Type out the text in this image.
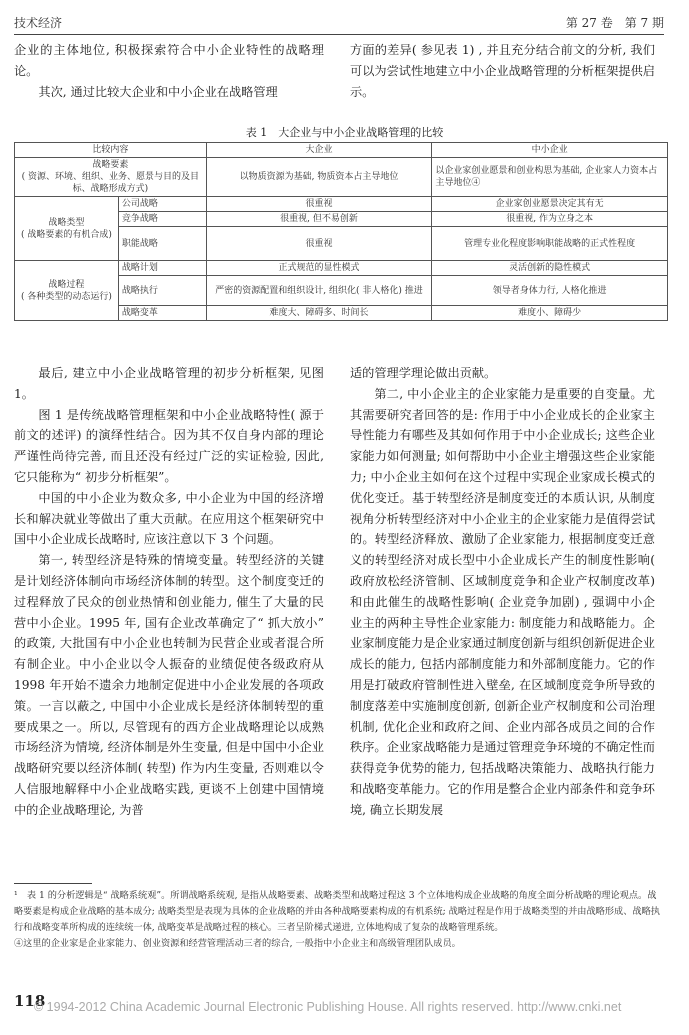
技术经济	第 27 卷　第 7 期

企业的主体地位, 积极探索符合中小企业特性的战略理论。

其次, 通过比较大企业和中小企业在战略管理

方面的差异( 参见表 1) , 并且充分结合前文的分析, 我们可以为尝试性地建立中小企业战略管理的分析框架提供启示。

表 1　大企业与中小企业战略管理的比较
比较内容		大企业	中小企业
战略要素
( 资源、环境、组织、业务、愿景与目的及目标、战略形成方式)		以物质资源为基础, 物质资本占主导地位	以企业家创业愿景和创业构思为基础, 企业家人力资本占主导地位④
战略类型
( 战略要素的有机合成)	公司战略	很重视	企业家创业愿景决定其有无
	竞争战略	很重视, 但不易创新	很重视, 作为立身之本
	职能战略	很重视	管理专业化程度影响职能战略的正式性程度
战略过程
( 各种类型的动态运行)	战略计划	正式规范的显性模式	灵活创新的隐性模式
	战略执行	严密的资源配置和组织设计, 组织化( 非人格化) 推进	领导者身体力行, 人格化推进
	战略变革	难度大、障碍多、时间长	难度小、障碍少

最后, 建立中小企业战略管理的初步分析框架, 见图 1。

图 1 是传统战略管理框架和中小企业战略特性( 源于前文的述评) 的演绎性结合。因为其不仅自身内部的理论严谨性尚待完善, 而且还没有经过广泛的实证检验, 因此, 它只能称为“ 初步分析框架”。

中国的中小企业为数众多, 中小企业为中国的经济增长和解决就业等做出了重大贡献。在应用这个框架研究中国中小企业成长战略时, 应该注意以下 3 个问题。

第一, 转型经济是特殊的情境变量。转型经济的关键是计划经济体制向市场经济体制的转型。这个制度变迁的过程释放了民众的创业热情和创业能力, 催生了大量的民营中小企业。1995 年, 国有企业改革确定了“ 抓大放小” 的政策, 大批国有中小企业也转制为民营企业或者混合所有制企业。中小企业以令人振奋的业绩促使各级政府从 1998 年开始不遗余力地制定促进中小企业发展的各项政策。一言以蔽之, 中国中小企业成长是经济体制转型的重要成果之一。所以, 尽管现有的西方企业战略理论以成熟市场经济为情境, 经济体制是外生变量, 但是中国中小企业战略研究要以经济体制( 转型) 作为内生变量, 否则难以令人信服地解释中小企业战略实践, 更谈不上创建中国情境中的企业战略理论, 为普

适的管理学理论做出贡献。

第二, 中小企业主的企业家能力是重要的自变量。尤其需要研究者回答的是: 作用于中小企业成长的企业家主导性能力有哪些及其如何作用于中小企业成长; 这些企业家能力如何测量; 如何帮助中小企业主增强这些企业家能力; 中小企业主如何在这个过程中实现企业家成长模式的优化变迁。基于转型经济是制度变迁的本质认识, 从制度视角分析转型经济对中小企业主的企业家能力是值得尝试的。转型经济释放、激励了企业家能力, 根据制度变迁意义的转型经济对成长型中小企业成长产生的制度性影响( 政府放松经济管制、区域制度竞争和企业产权制度改革) 和由此催生的战略性影响( 企业竞争加剧) , 强调中小企业主的两种主导性企业家能力: 制度能力和战略能力。企业家制度能力是企业家通过制度创新与组织创新促进企业成长的能力, 包括内部制度能力和外部制度能力。它的作用是打破政府管制性进入壁垒, 在区域制度竞争所导致的制度落差中实施制度创新, 创新企业产权制度和公司治理机制, 优化企业和政府之间、企业内部各成员之间的合作秩序。企业家战略能力是通过管理竞争环境的不确定性而获得竞争优势的能力, 包括战略决策能力、战略执行能力和战略变革能力。它的作用是整合企业内部条件和竞争环境, 确立长期发展

¹　表 1 的分析逻辑是“ 战略系统观”。所谓战略系统观, 是指从战略要素、战略类型和战略过程这 3 个立体地构成企业战略的角度全面分析战略的理论观点。战略要素是构成企业战略的基本成分; 战略类型是表现为具体的企业战略的并由各种战略要素构成的有机系统; 战略过程是作用于战略类型的并由战略形成、战略执行和战略变革所构成的连续统一体, 战略变革是战略过程的核心。三者呈阶梯式递进, 立体地构成了复杂的战略管理系统。

④这里的企业家是企业家能力、创业资源和经营管理活动三者的综合, 一般指中小企业主和高级管理团队成员。

118
© 1994-2012 China Academic Journal Electronic Publishing House. All rights reserved. http://www.cnki.net
